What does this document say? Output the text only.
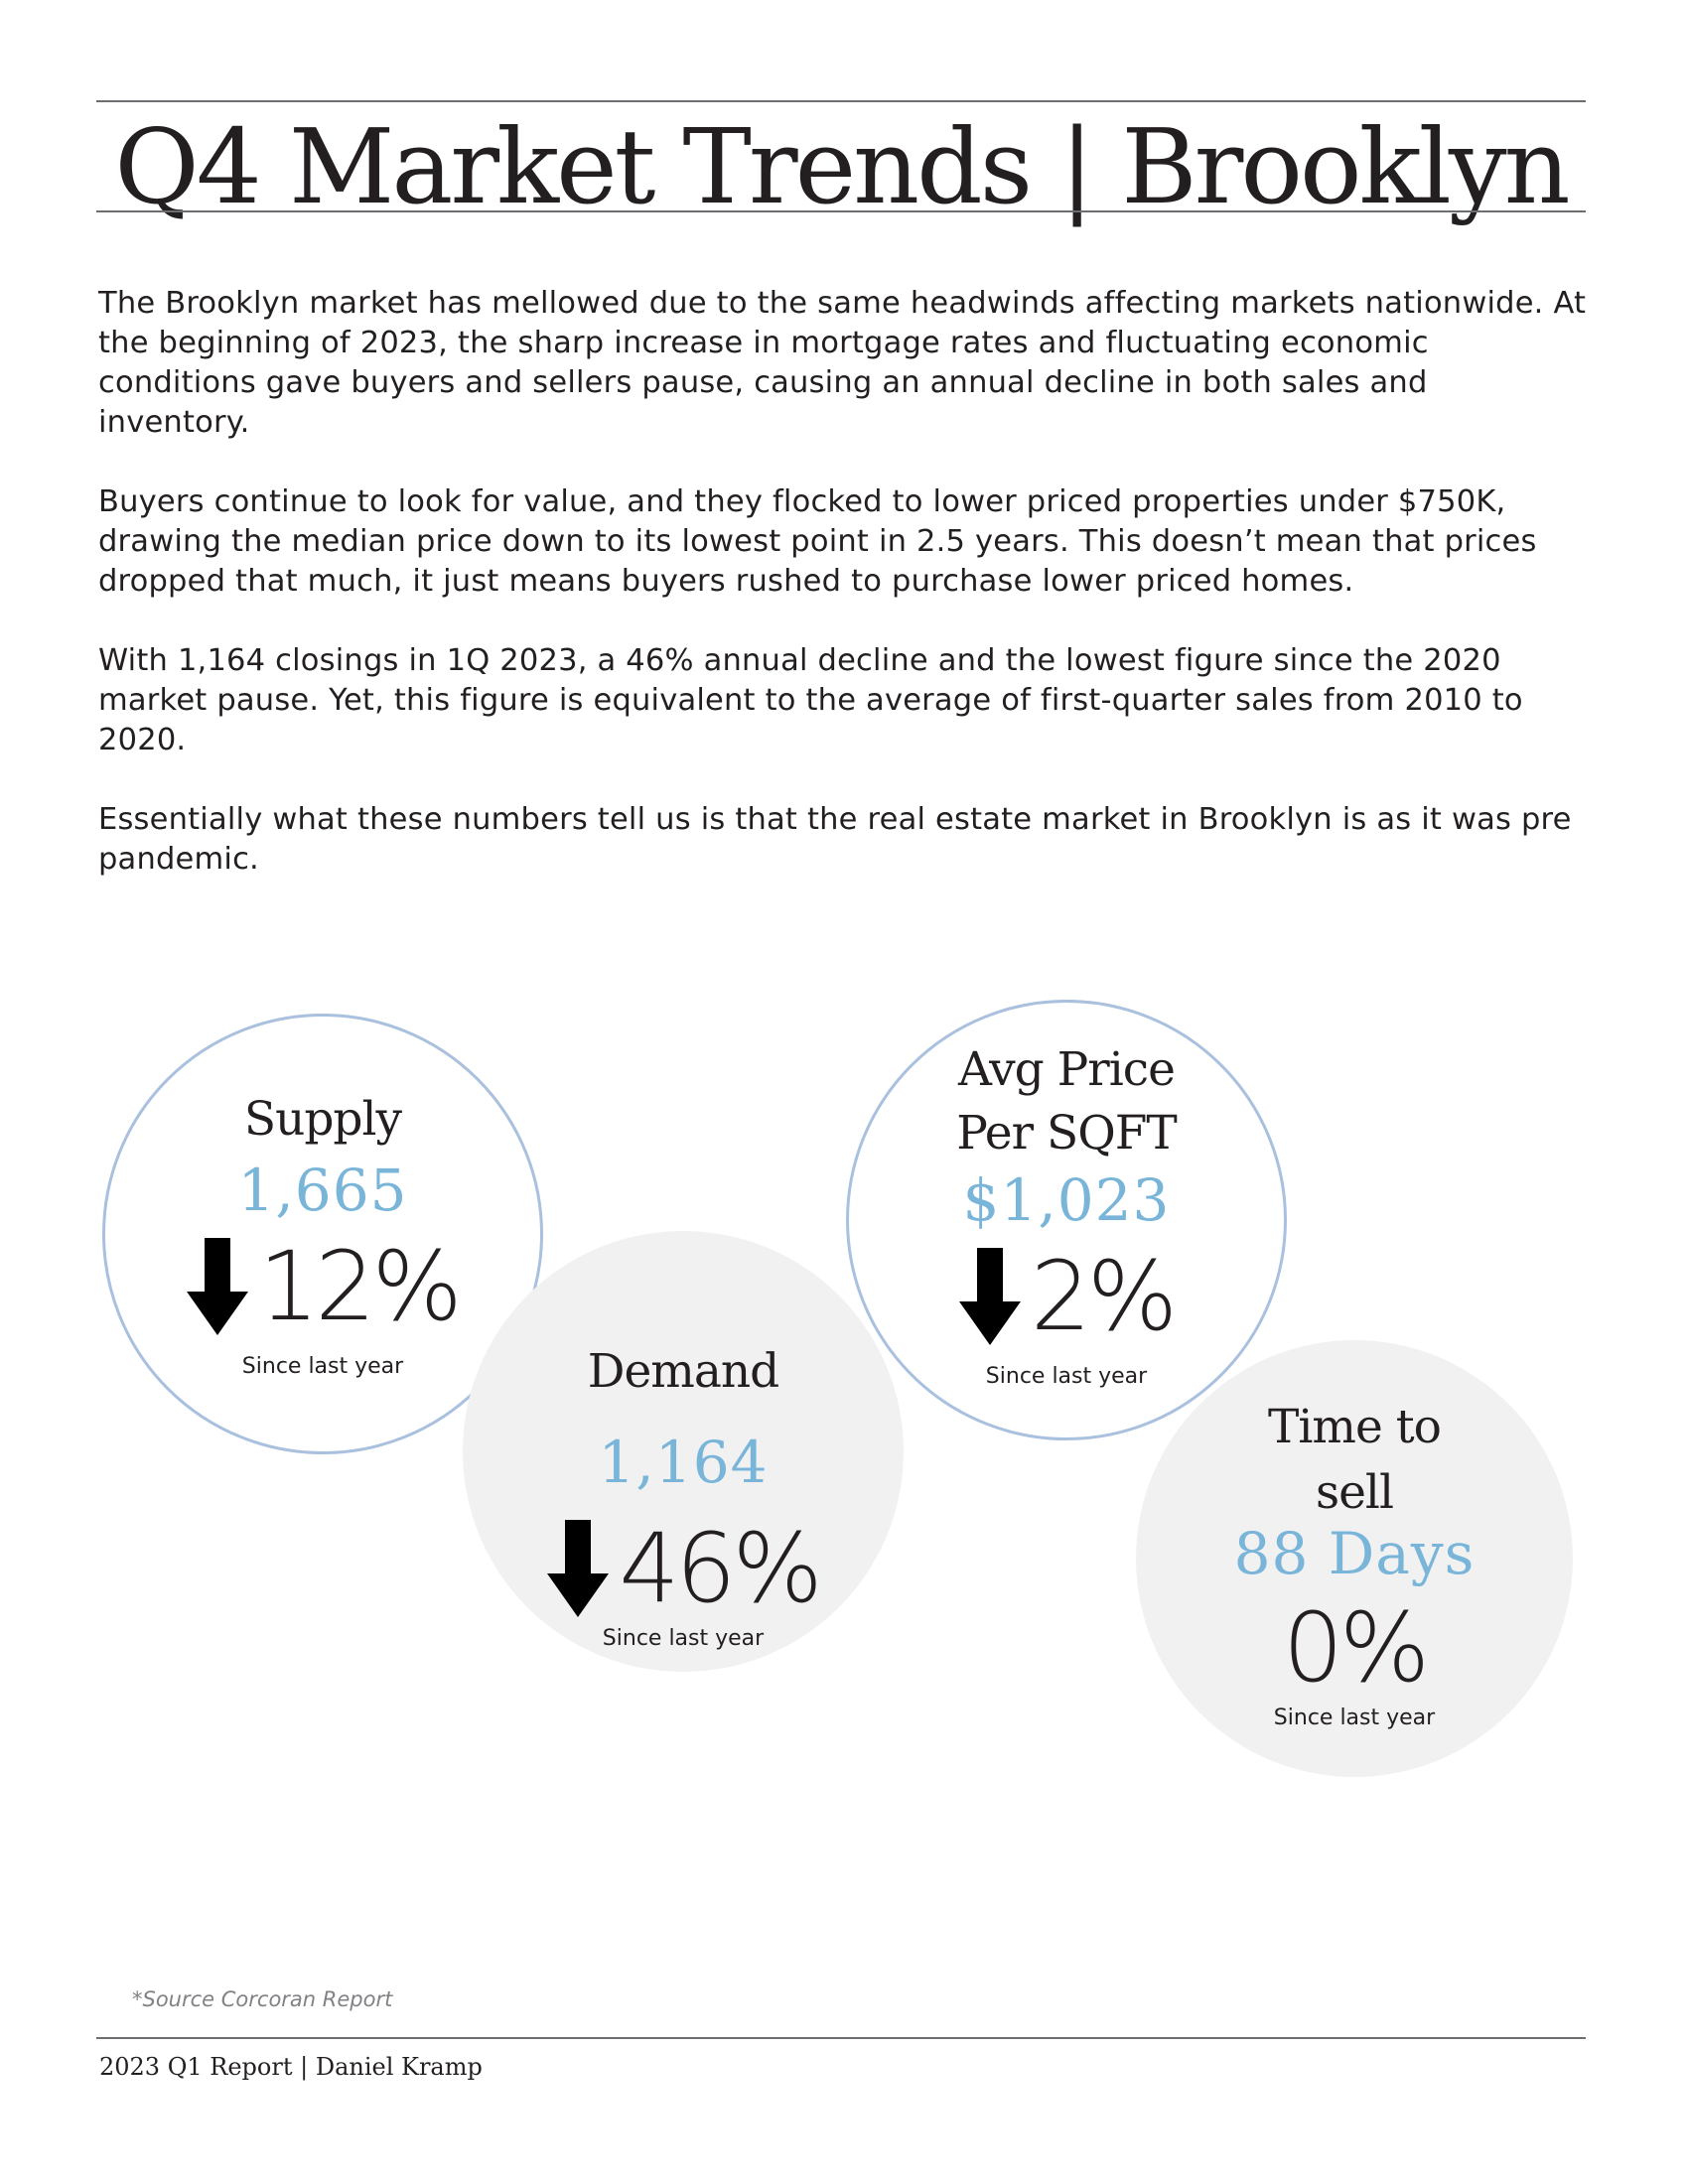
Q4 Market Trends | Brooklyn

The Brooklyn market has mellowed due to the same headwinds affecting markets nationwide. At the beginning of 2023, the sharp increase in mortgage rates and fluctuating economic conditions gave buyers and sellers pause, causing an annual decline in both sales and inventory.

Buyers continue to look for value, and they flocked to lower priced properties under $750K, drawing the median price down to its lowest point in 2.5 years. This doesn’t mean that prices dropped that much, it just means buyers rushed to purchase lower priced homes.

With 1,164 closings in 1Q 2023, a 46% annual decline and the lowest figure since the 2020 market pause. Yet, this figure is equivalent to the average of first-quarter sales from 2010 to 2020.

Essentially what these numbers tell us is that the real estate market in Brooklyn is as it was pre pandemic.

Supply
1,665
12%
Since last year
Avg Price
Per SQFT
$1,023
2%
Since last year
Demand
1,164
46%
Since last year
Time to
sell
88 Days
0%
Since last year
*Source Corcoran Report
2023 Q1 Report | Daniel Kramp
